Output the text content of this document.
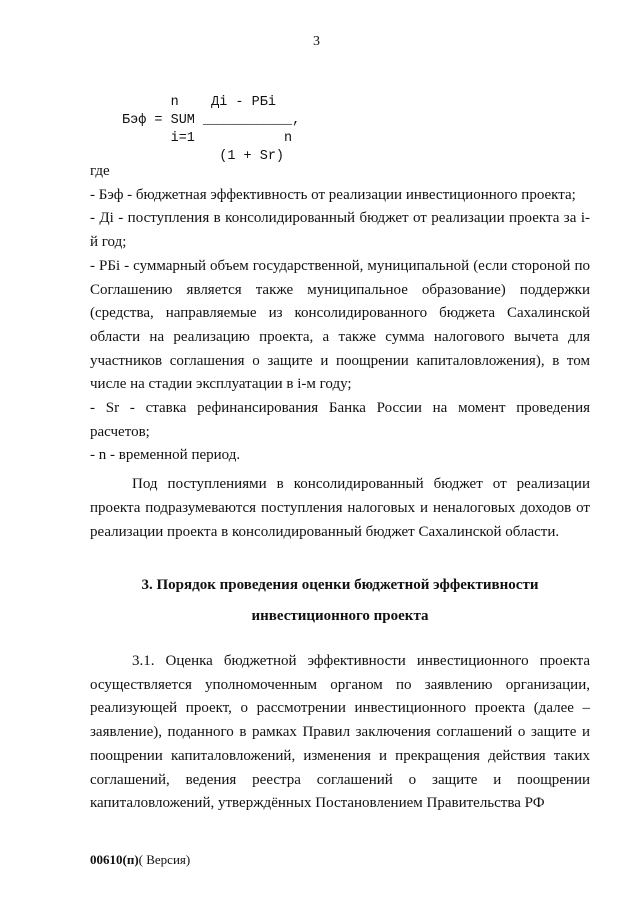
3
n    Дi - РБi
Бэф = SUM ___________,
i=1           n
(1 + Sr)

где

- Бэф - бюджетная эффективность от реализации инвестиционного проекта;

- Дi - поступления в консолидированный бюджет от реализации проекта за i-й год;

- РБi - суммарный объем государственной, муниципальной (если стороной по Соглашению является также муниципальное образование) поддержки (средства, направляемые из консолидированного бюджета Сахалинской области на реализацию проекта, а также сумма налогового вычета для участников соглашения о защите и поощрении капиталовложения), в том числе на стадии эксплуатации в i-м году;

- Sr - ставка рефинансирования Банка России на момент проведения расчетов;

- n - временной период.

Под поступлениями в консолидированный бюджет от реализации проекта подразумеваются поступления налоговых и неналоговых доходов от реализации проекта в консолидированный бюджет Сахалинской области.

3. Порядок проведения оценки бюджетной эффективности
инвестиционного проекта

3.1. Оценка бюджетной эффективности инвестиционного проекта осуществляется уполномоченным органом по заявлению организации, реализующей проект, о рассмотрении инвестиционного проекта (далее – заявление), поданного в рамках Правил заключения соглашений о защите и поощрении капиталовложений, изменения и прекращения действия таких соглашений, ведения реестра соглашений о защите и поощрении капиталовложений, утверждённых Постановлением Правительства РФ

00610(п)( Версия)
